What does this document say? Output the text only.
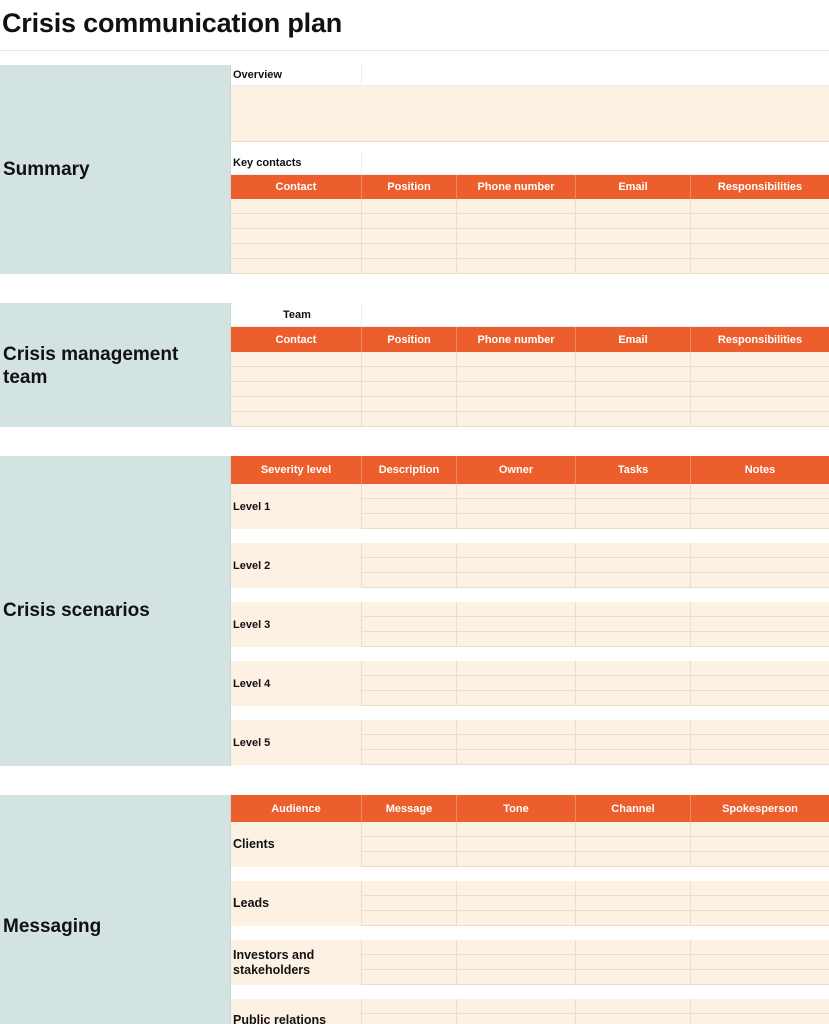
Crisis communication plan
Summary
Overview
Key contacts
Contact	Position	Phone number	Email	Responsibilities
Crisis management team
Team
Contact	Position	Phone number	Email	Responsibilities
Crisis scenarios
Severity level	Description	Owner	Tasks	Notes
Level 1
Level 2
Level 3
Level 4
Level 5
Messaging
Audience	Message	Tone	Channel	Spokesperson
Clients
Leads
Investors and stakeholders
Public relations
